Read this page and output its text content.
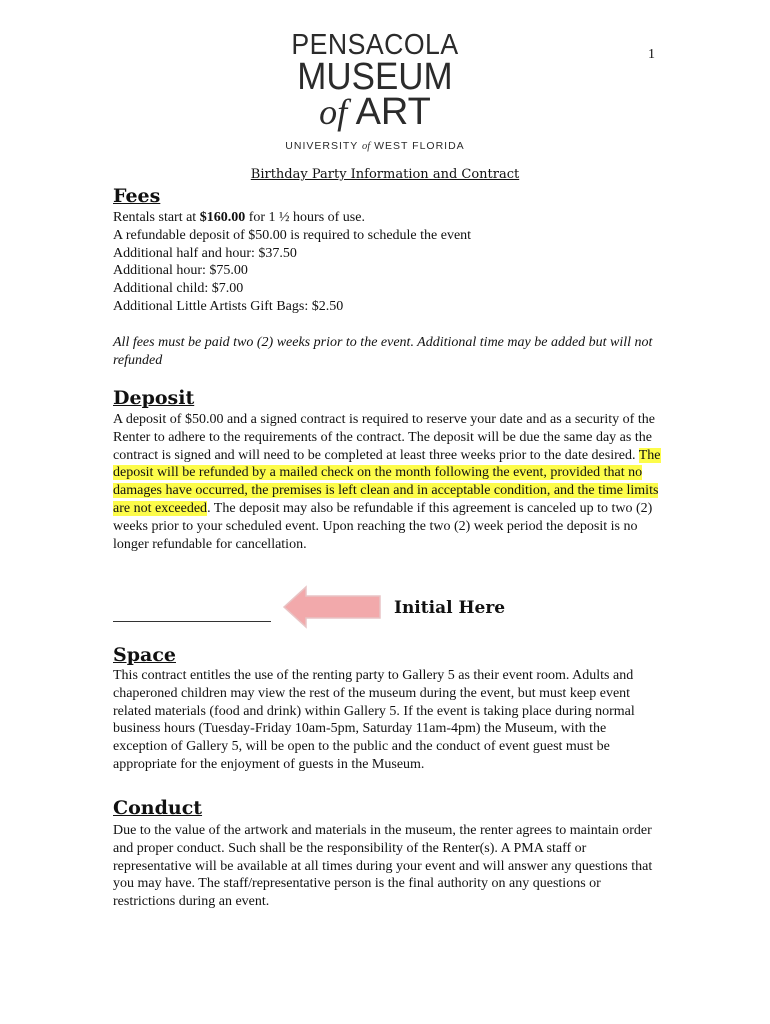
1
PENSACOLA
MUSEUM
of ART
UNIVERSITY of WEST FLORIDA
Birthday Party Information and Contract
Fees

Rentals start at $160.00 for 1 ½ hours of use.

A refundable deposit of $50.00 is required to schedule the event

Additional half and hour: $37.50

Additional hour: $75.00

Additional child: $7.00

Additional Little Artists Gift Bags: $2.50

All fees must be paid two (2) weeks prior to the event. Additional time may be added but will not refunded
Deposit
A deposit of $50.00 and a signed contract is required to reserve your date and as a security of the Renter to adhere to the requirements of the contract. The deposit will be due the same day as the contract is signed and will need to be completed at least three weeks prior to the date desired. The deposit will be refunded by a mailed check on the month following the event, provided that no damages have occurred, the premises is left clean and in acceptable condition, and the time limits are not exceeded. The deposit may also be refundable if this agreement is canceled up to two (2) weeks prior to your scheduled event. Upon reaching the two (2) week period the deposit is no longer refundable for cancellation.
Initial Here
Space
This contract entitles the use of the renting party to Gallery 5 as their event room. Adults and chaperoned children may view the rest of the museum during the event, but must keep event related materials (food and drink) within Gallery 5. If the event is taking place during normal business hours (Tuesday-Friday 10am-5pm, Saturday 11am-4pm) the Museum, with the exception of Gallery 5, will be open to the public and the conduct of event guest must be appropriate for the enjoyment of guests in the Museum.
Conduct
Due to the value of the artwork and materials in the museum, the renter agrees to maintain order and proper conduct. Such shall be the responsibility of the Renter(s). A PMA staff or representative will be available at all times during your event and will answer any questions that you may have. The staff/representative person is the final authority on any questions or restrictions during an event.
